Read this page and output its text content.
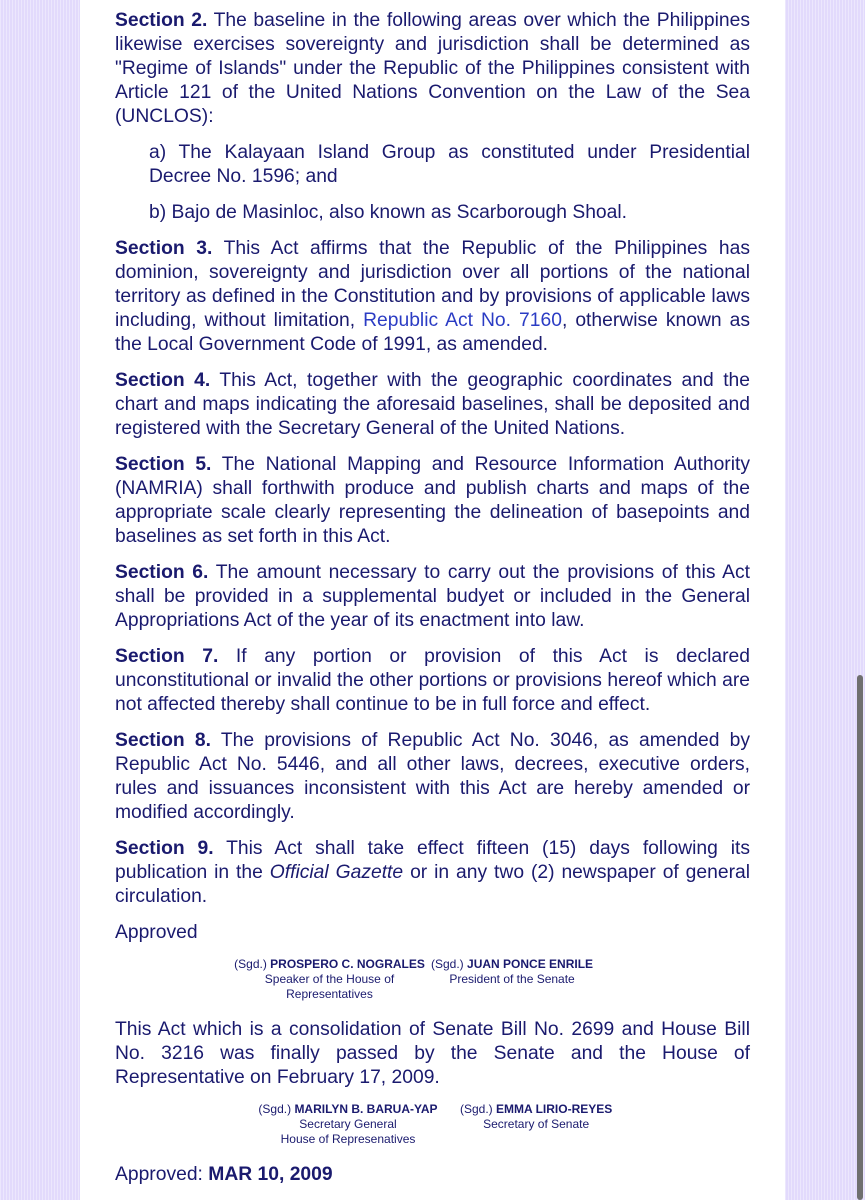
Section 2. The baseline in the following areas over which the Philippines likewise exercises sovereignty and jurisdiction shall be determined as "Regime of Islands" under the Republic of the Philippines consistent with Article 121 of the United Nations Convention on the Law of the Sea (UNCLOS):

a) The Kalayaan Island Group as constituted under Presidential Decree No. 1596; and

b) Bajo de Masinloc, also known as Scarborough Shoal.

Section 3. This Act affirms that the Republic of the Philippines has dominion, sovereignty and jurisdiction over all portions of the national territory as defined in the Constitution and by provisions of applicable laws including, without limitation, Republic Act No. 7160, otherwise known as the Local Government Code of 1991, as amended.

Section 4. This Act, together with the geographic coordinates and the chart and maps indicating the aforesaid baselines, shall be deposited and registered with the Secretary General of the United Nations.

Section 5. The National Mapping and Resource Information Authority (NAMRIA) shall forthwith produce and publish charts and maps of the appropriate scale clearly representing the delineation of basepoints and baselines as set forth in this Act.

Section 6. The amount necessary to carry out the provisions of this Act shall be provided in a supplemental budyet or included in the General Appropriations Act of the year of its enactment into law.

Section 7. If any portion or provision of this Act is declared unconstitutional or invalid the other portions or provisions hereof which are not affected thereby shall continue to be in full force and effect.

Section 8. The provisions of Republic Act No. 3046, as amended by Republic Act No. 5446, and all other laws, decrees, executive orders, rules and issuances inconsistent with this Act are hereby amended or modified accordingly.

Section 9. This Act shall take effect fifteen (15) days following its publication in the Official Gazette or in any two (2) newspaper of general circulation.

Approved

(Sgd.) PROSPERO C. NOGRALES
Speaker of the House of
Representatives
(Sgd.) JUAN PONCE ENRILE
President of the Senate

This Act which is a consolidation of Senate Bill No. 2699 and House Bill No. 3216 was finally passed by the Senate and the House of Representative on February 17, 2009.

(Sgd.) MARILYN B. BARUA-YAP
Secretary General
House of Represenatives
(Sgd.) EMMA LIRIO-REYES
Secretary of Senate

Approved: MAR 10, 2009
